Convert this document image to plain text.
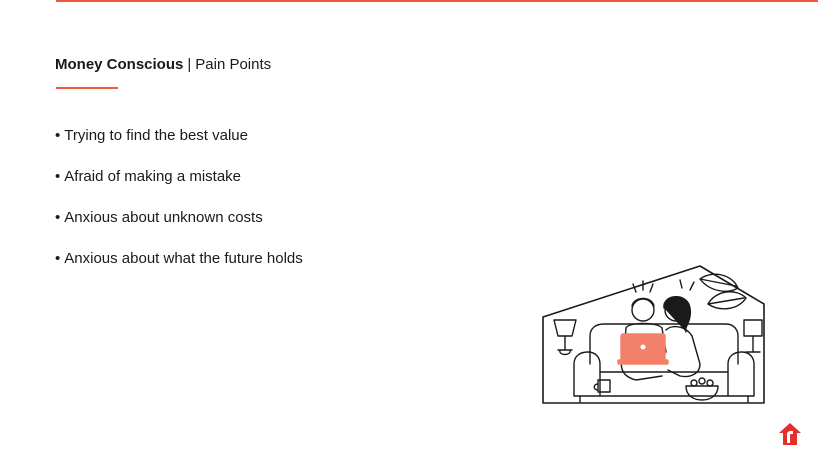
Money Conscious | Pain Points
• Trying to find the best value
• Afraid of making a mistake
• Anxious about unknown costs
• Anxious about what the future holds
